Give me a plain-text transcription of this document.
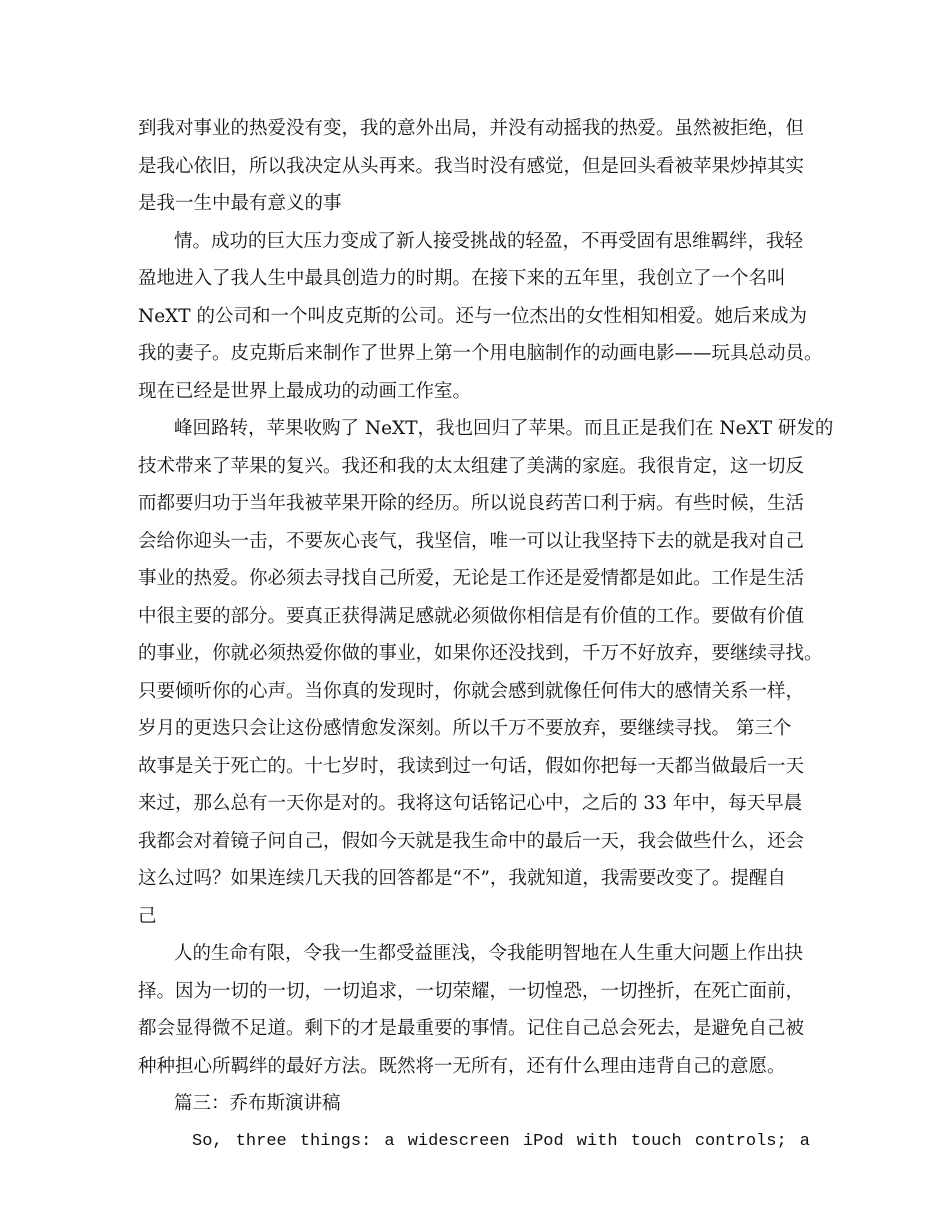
到我对事业的热爱没有变，我的意外出局，并没有动摇我的热爱。虽然被拒绝，但

是我心依旧，所以我决定从头再来。我当时没有感觉，但是回头看被苹果炒掉其实

是我一生中最有意义的事

情。成功的巨大压力变成了新人接受挑战的轻盈，不再受固有思维羁绊，我轻

盈地进入了我人生中最具创造力的时期。在接下来的五年里，我创立了一个名叫

NeXT 的公司和一个叫皮克斯的公司。还与一位杰出的女性相知相爱。她后来成为

我的妻子。皮克斯后来制作了世界上第一个用电脑制作的动画电影——玩具总动员。

现在已经是世界上最成功的动画工作室。

峰回路转，苹果收购了 NeXT，我也回归了苹果。而且正是我们在 NeXT 研发的

技术带来了苹果的复兴。我还和我的太太组建了美满的家庭。我很肯定，这一切反

而都要归功于当年我被苹果开除的经历。所以说良药苦口利于病。有些时候，生活

会给你迎头一击，不要灰心丧气，我坚信，唯一可以让我坚持下去的就是我对自己

事业的热爱。你必须去寻找自己所爱，无论是工作还是爱情都是如此。工作是生活

中很主要的部分。要真正获得满足感就必须做你相信是有价值的工作。要做有价值

的事业，你就必须热爱你做的事业，如果你还没找到，千万不好放弃，要继续寻找。

只要倾听你的心声。当你真的发现时，你就会感到就像任何伟大的感情关系一样，

岁月的更迭只会让这份感情愈发深刻。所以千万不要放弃，要继续寻找。 第三个

故事是关于死亡的。十七岁时，我读到过一句话，假如你把每一天都当做最后一天

来过，那么总有一天你是对的。我将这句话铭记心中，之后的 33 年中，每天早晨

我都会对着镜子问自己，假如今天就是我生命中的最后一天，我会做些什么，还会

这么过吗？如果连续几天我的回答都是“不”，我就知道，我需要改变了。提醒自

己

人的生命有限，令我一生都受益匪浅，令我能明智地在人生重大问题上作出抉

择。因为一切的一切，一切追求，一切荣耀，一切惶恐，一切挫折，在死亡面前，

都会显得微不足道。剩下的才是最重要的事情。记住自己总会死去，是避免自己被

种种担心所羁绊的最好方法。既然将一无所有，还有什么理由违背自己的意愿。

篇三：乔布斯演讲稿

So, three things: a widescreen iPod with touch controls; a
